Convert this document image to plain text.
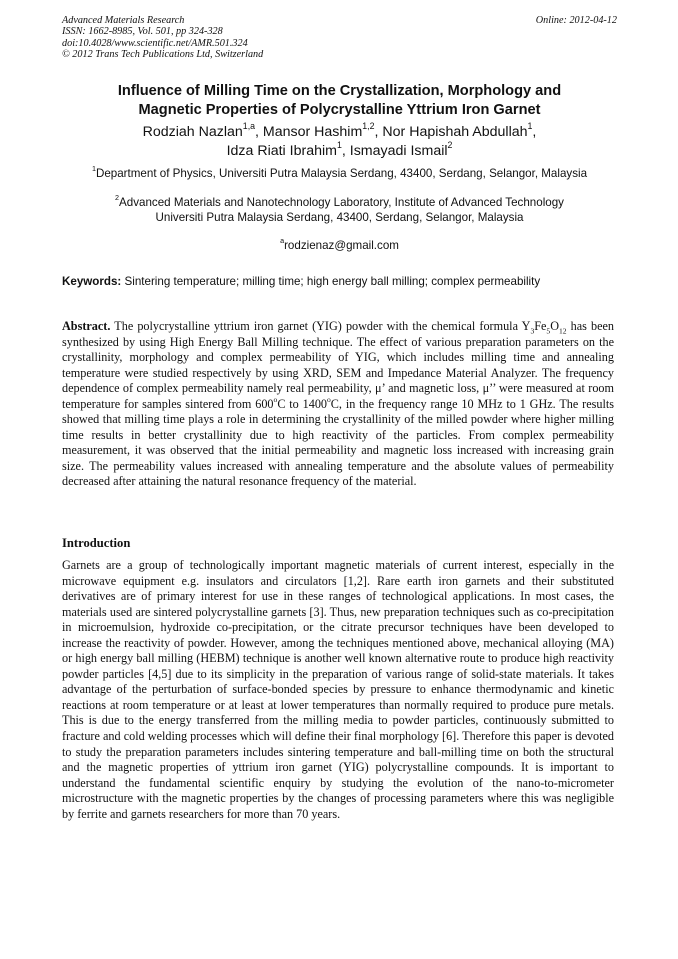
Advanced Materials Research
ISSN: 1662-8985, Vol. 501, pp 324-328
doi:10.4028/www.scientific.net/AMR.501.324
© 2012 Trans Tech Publications Ltd, Switzerland
Online: 2012-04-12
Influence of Milling Time on the Crystallization, Morphology and
Magnetic Properties of Polycrystalline Yttrium Iron Garnet
Rodziah Nazlan$^{1,a}$, Mansor Hashim$^{1,2}$, Nor Hapishah Abdullah$^1$,
Idza Riati Ibrahim$^1$, Ismayadi Ismail$^2$
$^1$Department of Physics, Universiti Putra Malaysia Serdang, 43400, Serdang, Selangor, Malaysia
$^2$Advanced Materials and Nanotechnology Laboratory, Institute of Advanced Technology
Universiti Putra Malaysia Serdang, 43400, Serdang, Selangor, Malaysia
$^a$rodzienaz@gmail.com
Keywords: Sintering temperature; milling time; high energy ball milling; complex permeability
Abstract. The polycrystalline yttrium iron garnet (YIG) powder with the chemical formula $Y_3Fe_5O_{12}$ has been synthesized by using High Energy Ball Milling technique. The effect of various preparation parameters on the crystallinity, morphology and complex permeability of YIG, which includes milling time and annealing temperature were studied respectively by using XRD, SEM and Impedance Material Analyzer. The frequency dependence of complex permeability namely real permeability, μ’ and magnetic loss, μ’’ were measured at room temperature for samples sintered from 600$^o$C to 1400$^o$C, in the frequency range 10 MHz to 1 GHz. The results showed that milling time plays a role in determining the crystallinity of the milled powder where higher milling time results in better crystallinity due to high reactivity of the particles. From complex permeability measurement, it was observed that the initial permeability and magnetic loss increased with increasing grain size. The permeability values increased with annealing temperature and the absolute values of permeability decreased after attaining the natural resonance frequency of the material.
Introduction
Garnets are a group of technologically important magnetic materials of current interest, especially in the microwave equipment e.g. insulators and circulators [1,2]. Rare earth iron garnets and their substituted derivatives are of primary interest for use in these ranges of technological applications. In most cases, the materials used are sintered polycrystalline garnets [3]. Thus, new preparation techniques such as co-precipitation in microemulsion, hydroxide co-precipitation, or the citrate precursor techniques have been developed to increase the reactivity of powder. However, among the techniques mentioned above, mechanical alloying (MA) or high energy ball milling (HEBM) technique is another well known alternative route to produce high reactivity powder particles [4,5] due to its simplicity in the preparation of various range of solid-state materials. It takes advantage of the perturbation of surface-bonded species by pressure to enhance thermodynamic and kinetic reactions at room temperature or at least at lower temperatures than normally required to produce pure metals. This is due to the energy transferred from the milling media to powder particles, continuously submitted to fracture and cold welding processes which will define their final morphology [6]. Therefore this paper is devoted to study the preparation parameters includes sintering temperature and ball-milling time on both the structural and the magnetic properties of yttrium iron garnet (YIG) polycrystalline compounds. It is important to understand the fundamental scientific enquiry by studying the evolution of the nano-to-micrometer microstructure with the magnetic properties by the changes of processing parameters where this was negligible by ferrite and garnets researchers for more than 70 years.
